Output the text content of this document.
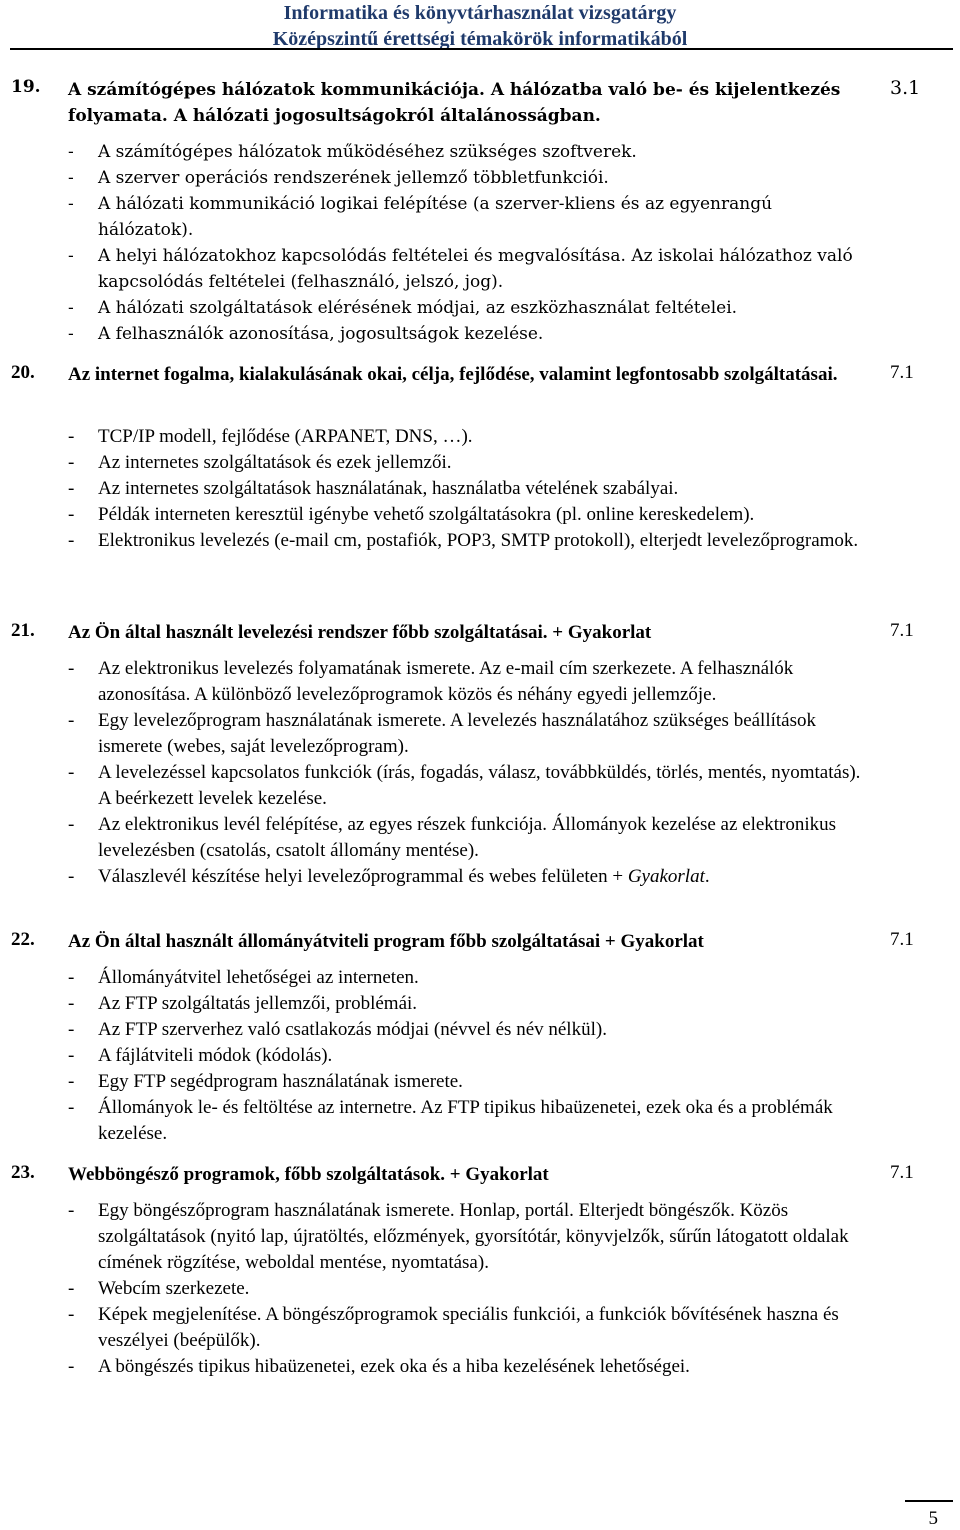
Informatika és könyvtárhasználat vizsgatárgy
Középszintű érettségi témakörök informatikából
19. A számítógépes hálózatok kommunikációja. A hálózatba való be- és kijelentkezés folyamata. A hálózati jogosultságokról általánosságban.
3.1
- A számítógépes hálózatok működéséhez szükséges szoftverek.
- A szerver operációs rendszerének jellemző többletfunkciói.
- A hálózati kommunikáció logikai felépítése (a szerver-kliens és az egyenrangú hálózatok).
- A helyi hálózatokhoz kapcsolódás feltételei és megvalósítása. Az iskolai hálózathoz való kapcsolódás feltételei (felhasználó, jelszó, jog).
- A hálózati szolgáltatások elérésének módjai, az eszközhasználat feltételei.
- A felhasználók azonosítása, jogosultságok kezelése.
20. Az internet fogalma, kialakulásának okai, célja, fejlődése, valamint legfontosabb szolgáltatásai.	7.1
- TCP/IP modell, fejlődése (ARPANET, DNS, …).
- Az internetes szolgáltatások és ezek jellemzői.
- Az internetes szolgáltatások használatának, használatba vételének szabályai.
- Példák interneten keresztül igénybe vehető szolgáltatásokra (pl. online kereskedelem).
- Elektronikus levelezés (e-mail cm, postafiók, POP3, SMTP protokoll), elterjedt levelezőprogramok.
21. Az Ön által használt levelezési rendszer főbb szolgáltatásai. + Gyakorlat	7.1
- Az elektronikus levelezés folyamatának ismerete. Az e-mail cím szerkezete. A felhasználók azonosítása. A különböző levelezőprogramok közös és néhány egyedi jellemzője.
- Egy levelezőprogram használatának ismerete. A levelezés használatához szükséges beállítások ismerete (webes, saját levelezőprogram).
- A levelezéssel kapcsolatos funkciók (írás, fogadás, válasz, továbbküldés, törlés, mentés, nyomtatás). A beérkezett levelek kezelése.
- Az elektronikus levél felépítése, az egyes részek funkciója. Állományok kezelése az elektronikus levelezésben (csatolás, csatolt állomány mentése).
- Válaszlevél készítése helyi levelezőprogrammal és webes felületen + Gyakorlat.
22. Az Ön által használt állományátviteli program főbb szolgáltatásai + Gyakorlat	7.1
- Állományátvitel lehetőségei az interneten.
- Az FTP szolgáltatás jellemzői, problémái.
- Az FTP szerverhez való csatlakozás módjai (névvel és név nélkül).
- A fájlátviteli módok (kódolás).
- Egy FTP segédprogram használatának ismerete.
- Állományok le- és feltöltése az internetre. Az FTP tipikus hibaüzenetei, ezek oka és a problémák kezelése.
23. Webböngésző programok, főbb szolgáltatások. + Gyakorlat	7.1
- Egy böngészőprogram használatának ismerete. Honlap, portál. Elterjedt böngészők. Közös szolgáltatások (nyitó lap, újratöltés, előzmények, gyorsítótár, könyvjelzők, sűrűn látogatott oldalak címének rögzítése, weboldal mentése, nyomtatása).
- Webcím szerkezete.
- Képek megjelenítése. A böngészőprogramok speciális funkciói, a funkciók bővítésének haszna és veszélyei (beépülők).
- A böngészés tipikus hibaüzenetei, ezek oka és a hiba kezelésének lehetőségei.
5
